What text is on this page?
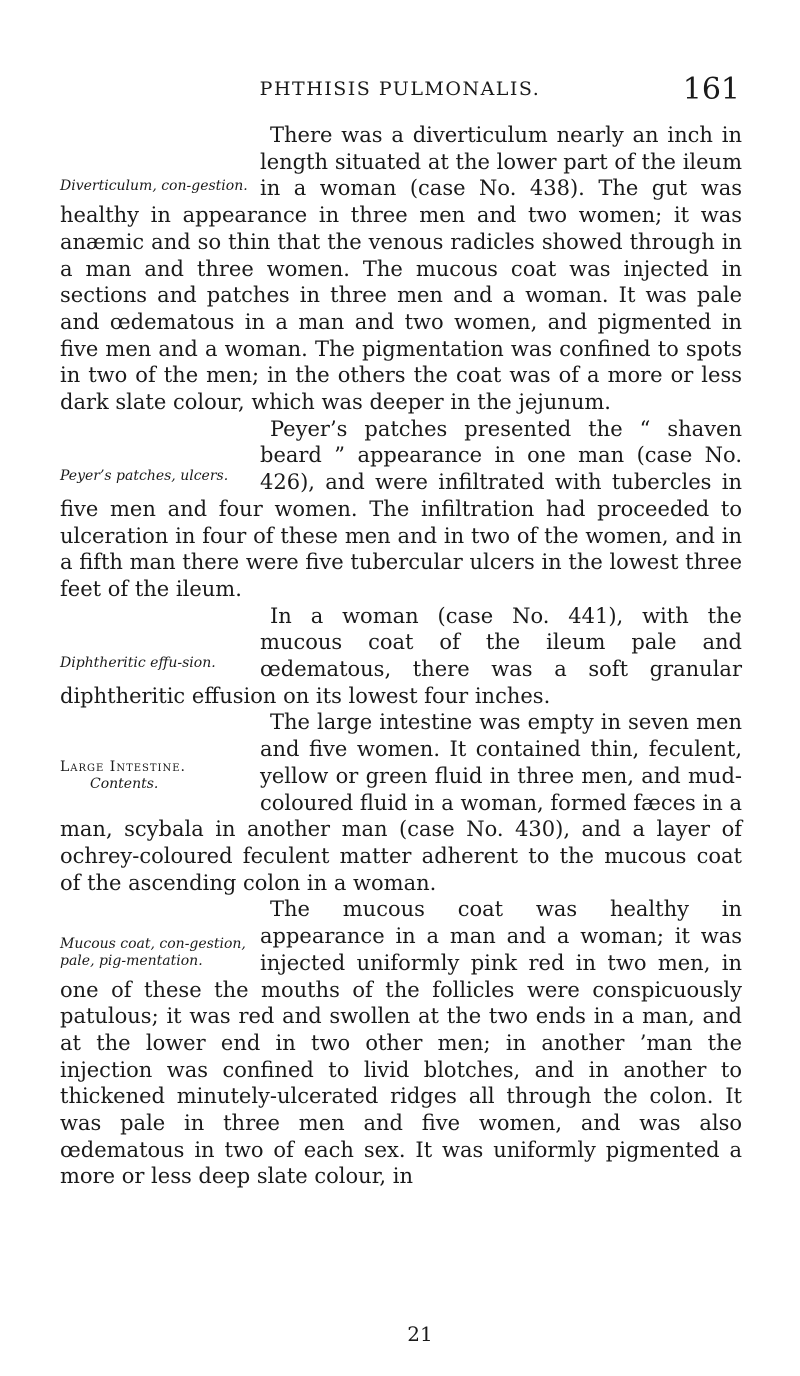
PHTHISIS PULMONALIS.	161

Diverticulum, con-gestion.
There was a diverticulum nearly an inch in length situated at the lower part of the ileum in a woman (case No. 438). The gut was healthy in appearance in three men and two women; it was anæmic and so thin that the venous radicles showed through in a man and three women. The mucous coat was injected in sections and patches in three men and a woman. It was pale and œdematous in a man and two women, and pigmented in five men and a woman. The pigmentation was confined to spots in two of the men; in the others the coat was of a more or less dark slate colour, which was deeper in the jejunum.

Peyer’s patches, ulcers.
Peyer’s patches presented the “ shaven beard ” appearance in one man (case No. 426), and were infiltrated with tubercles in five men and four women. The infiltration had proceeded to ulceration in four of these men and in two of the women, and in a fifth man there were five tubercular ulcers in the lowest three feet of the ileum.

Diphtheritic effu-sion.
In a woman (case No. 441), with the mucous coat of the ileum pale and œdematous, there was a soft granular diphtheritic effusion on its lowest four inches.

Large Intestine.
Contents.
The large intestine was empty in seven men and five women. It contained thin, feculent, yellow or green fluid in three men, and mud-coloured fluid in a woman, formed fæces in a man, scybala in another man (case No. 430), and a layer of ochrey-coloured feculent matter adherent to the mucous coat of the ascending colon in a woman.

Mucous coat, con-gestion, pale, pig-mentation.
The mucous coat was healthy in appearance in a man and a woman; it was injected uniformly pink red in two men, in one of these the mouths of the follicles were conspicuously patulous; it was red and swollen at the two ends in a man, and at the lower end in two other men; in another ’man the injection was confined to livid blotches, and in another to thickened minutely-ulcerated ridges all through the colon. It was pale in three men and five women, and was also œdematous in two of each sex. It was uniformly pigmented a more or less deep slate colour, in

21
